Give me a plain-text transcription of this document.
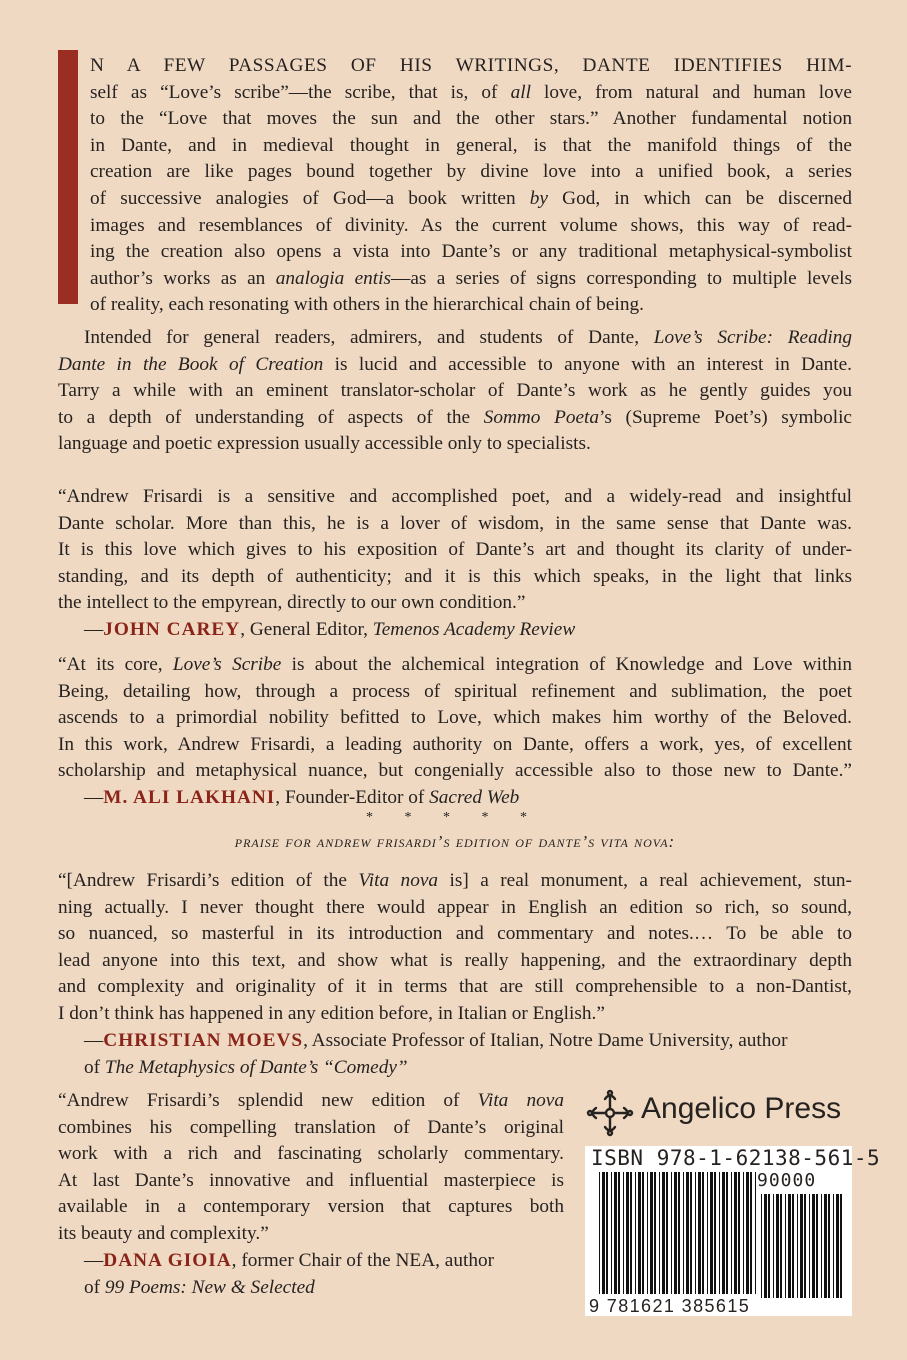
N A FEW PASSAGES OF HIS WRITINGS, DANTE IDENTIFIES HIM-
self as “Love’s scribe”—the scribe, that is, of all love, from natural and human love
to the “Love that moves the sun and the other stars.” Another fundamental notion
in Dante, and in medieval thought in general, is that the manifold things of the
creation are like pages bound together by divine love into a unified book, a series
of successive analogies of God—a book written by God, in which can be discerned
images and resemblances of divinity. As the current volume shows, this way of read-
ing the creation also opens a vista into Dante’s or any traditional metaphysical-symbolist
author’s works as an analogia entis—as a series of signs corresponding to multiple levels
of reality, each resonating with others in the hierarchical chain of being.
Intended for general readers, admirers, and students of Dante, Love’s Scribe: Reading
Dante in the Book of Creation is lucid and accessible to anyone with an interest in Dante.
Tarry a while with an eminent translator-scholar of Dante’s work as he gently guides you
to a depth of understanding of aspects of the Sommo Poeta’s (Supreme Poet’s) symbolic
language and poetic expression usually accessible only to specialists.
“Andrew Frisardi is a sensitive and accomplished poet, and a widely-read and insightful
Dante scholar. More than this, he is a lover of wisdom, in the same sense that Dante was.
It is this love which gives to his exposition of Dante’s art and thought its clarity of under-
standing, and its depth of authenticity; and it is this which speaks, in the light that links
the intellect to the empyrean, directly to our own condition.”
—JOHN CAREY, General Editor, Temenos Academy Review
“At its core, Love’s Scribe is about the alchemical integration of Knowledge and Love within
Being, detailing how, through a process of spiritual refinement and sublimation, the poet
ascends to a primordial nobility befitted to Love, which makes him worthy of the Beloved.
In this work, Andrew Frisardi, a leading authority on Dante, offers a work, yes, of excellent
scholarship and metaphysical nuance, but congenially accessible also to those new to Dante.”
—M. ALI LAKHANI, Founder-Editor of Sacred Web
* * * * *
praise for andrew frisardi’s edition of dante’s vita nova:
“[Andrew Frisardi’s edition of the Vita nova is] a real monument, a real achievement, stun-
ning actually. I never thought there would appear in English an edition so rich, so sound,
so nuanced, so masterful in its introduction and commentary and notes.… To be able to
lead anyone into this text, and show what is really happening, and the extraordinary depth
and complexity and originality of it in terms that are still comprehensible to a non-Dantist,
I don’t think has happened in any edition before, in Italian or English.”
—CHRISTIAN MOEVS, Associate Professor of Italian, Notre Dame University, author
of The Metaphysics of Dante’s “Comedy”
“Andrew Frisardi’s splendid new edition of Vita nova
combines his compelling translation of Dante’s original
work with a rich and fascinating scholarly commentary.
At last Dante’s innovative and influential masterpiece is
available in a contemporary version that captures both
its beauty and complexity.”
—DANA GIOIA, former Chair of the NEA, author
of 99 Poems: New & Selected
Angelico Press
ISBN 978-1-62138-561-5
90000
9 781621 385615
